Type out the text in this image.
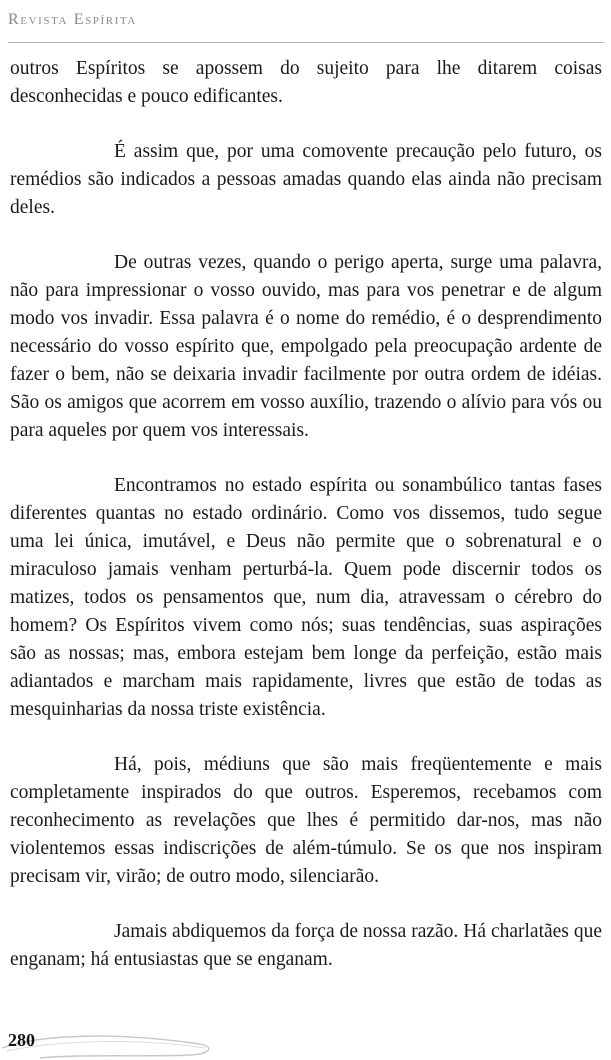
Revista Espírita

outros Espíritos se apossem do sujeito para lhe ditarem coisas desconhecidas e pouco edificantes.

É assim que, por uma comovente precaução pelo futuro, os remédios são indicados a pessoas amadas quando elas ainda não precisam deles.

De outras vezes, quando o perigo aperta, surge uma palavra, não para impressionar o vosso ouvido, mas para vos penetrar e de algum modo vos invadir. Essa palavra é o nome do remédio, é o desprendimento necessário do vosso espírito que, empolgado pela preocupação ardente de fazer o bem, não se deixaria invadir facilmente por outra ordem de idéias. São os amigos que acorrem em vosso auxílio, trazendo o alívio para vós ou para aqueles por quem vos interessais.

Encontramos no estado espírita ou sonambúlico tantas fases diferentes quantas no estado ordinário. Como vos dissemos, tudo segue uma lei única, imutável, e Deus não permite que o sobrenatural e o miraculoso jamais venham perturbá-la. Quem pode discernir todos os matizes, todos os pensamentos que, num dia, atravessam o cérebro do homem? Os Espíritos vivem como nós; suas tendências, suas aspirações são as nossas; mas, embora estejam bem longe da perfeição, estão mais adiantados e marcham mais rapidamente, livres que estão de todas as mesquinharias da nossa triste existência.

Há, pois, médiuns que são mais freqüentemente e mais completamente inspirados do que outros. Esperemos, recebamos com reconhecimento as revelações que lhes é permitido dar-nos, mas não violentemos essas indiscrições de além-túmulo. Se os que nos inspiram precisam vir, virão; de outro modo, silenciarão.

Jamais abdiquemos da força de nossa razão. Há charlatães que enganam; há entusiastas que se enganam.

280
